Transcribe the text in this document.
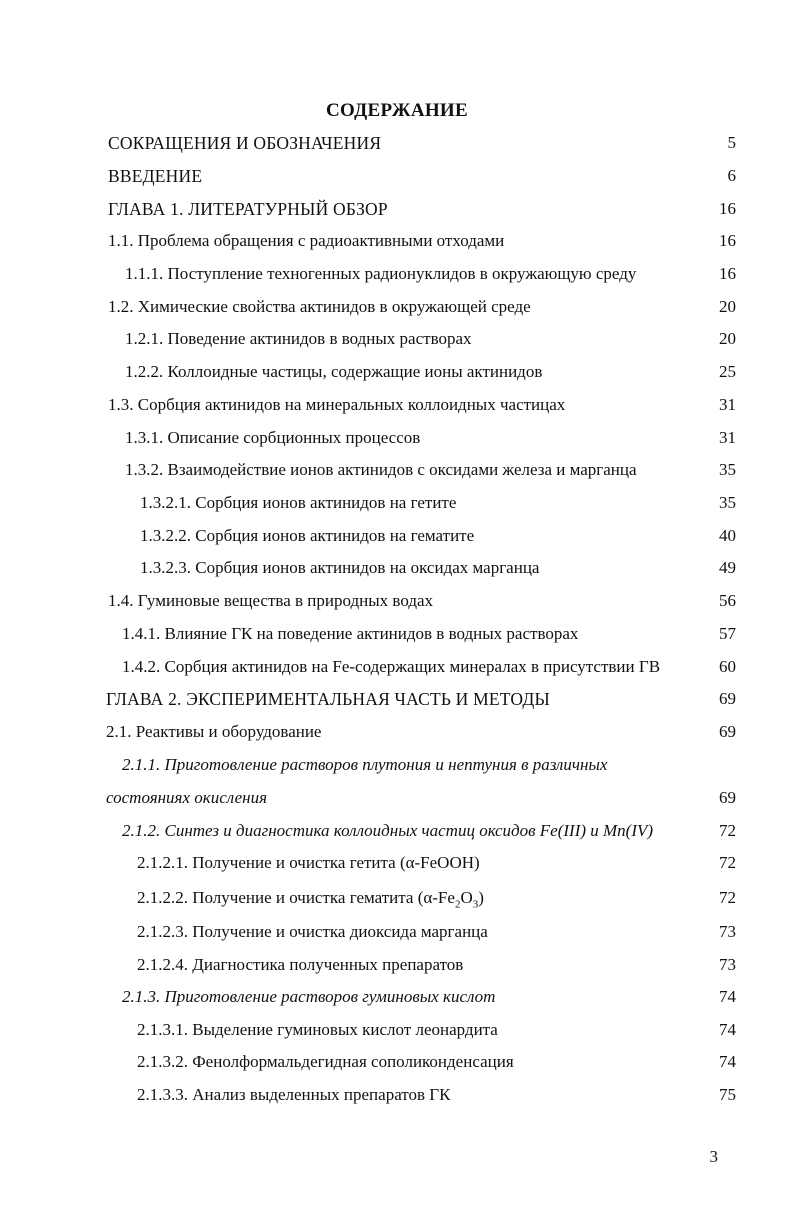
СОДЕРЖАНИЕ
СОКРАЩЕНИЯ И ОБОЗНАЧЕНИЯ	5
ВВЕДЕНИЕ	6
ГЛАВА 1. ЛИТЕРАТУРНЫЙ ОБЗОР	16
1.1. Проблема обращения с радиоактивными отходами	16
1.1.1. Поступление техногенных радионуклидов в окружающую среду	16
1.2. Химические свойства актинидов в окружающей среде	20
1.2.1. Поведение актинидов в водных растворах	20
1.2.2. Коллоидные частицы, содержащие ионы актинидов	25
1.3. Сорбция актинидов на минеральных коллоидных частицах	31
1.3.1. Описание сорбционных процессов	31
1.3.2. Взаимодействие ионов актинидов с оксидами железа и марганца	35
1.3.2.1. Сорбция ионов актинидов на гетите	35
1.3.2.2. Сорбция ионов актинидов на гематите	40
1.3.2.3. Сорбция ионов актинидов на оксидах марганца	49
1.4. Гуминовые вещества в природных водах	56
1.4.1. Влияние ГК на поведение актинидов в водных растворах	57
1.4.2. Сорбция актинидов на Fe-содержащих минералах в присутствии ГВ	60
ГЛАВА 2. ЭКСПЕРИМЕНТАЛЬНАЯ ЧАСТЬ И МЕТОДЫ	69
2.1. Реактивы и оборудование	69
2.1.1. Приготовление растворов плутония и нептуния в различных
состояниях окисления	69
2.1.2. Синтез и диагностика коллоидных частиц оксидов Fe(III) и Mn(IV)	72
2.1.2.1. Получение и очистка гетита (α-FeOOH)	72
2.1.2.2. Получение и очистка гематита $(\alpha-Fe_2O_3)$	72
2.1.2.3. Получение и очистка диоксида марганца	73
2.1.2.4. Диагностика полученных препаратов	73
2.1.3. Приготовление растворов гуминовых кислот	74
2.1.3.1. Выделение гуминовых кислот леонардита	74
2.1.3.2. Фенолформальдегидная сополиконденсация	74
2.1.3.3. Анализ выделенных препаратов ГК	75
3
